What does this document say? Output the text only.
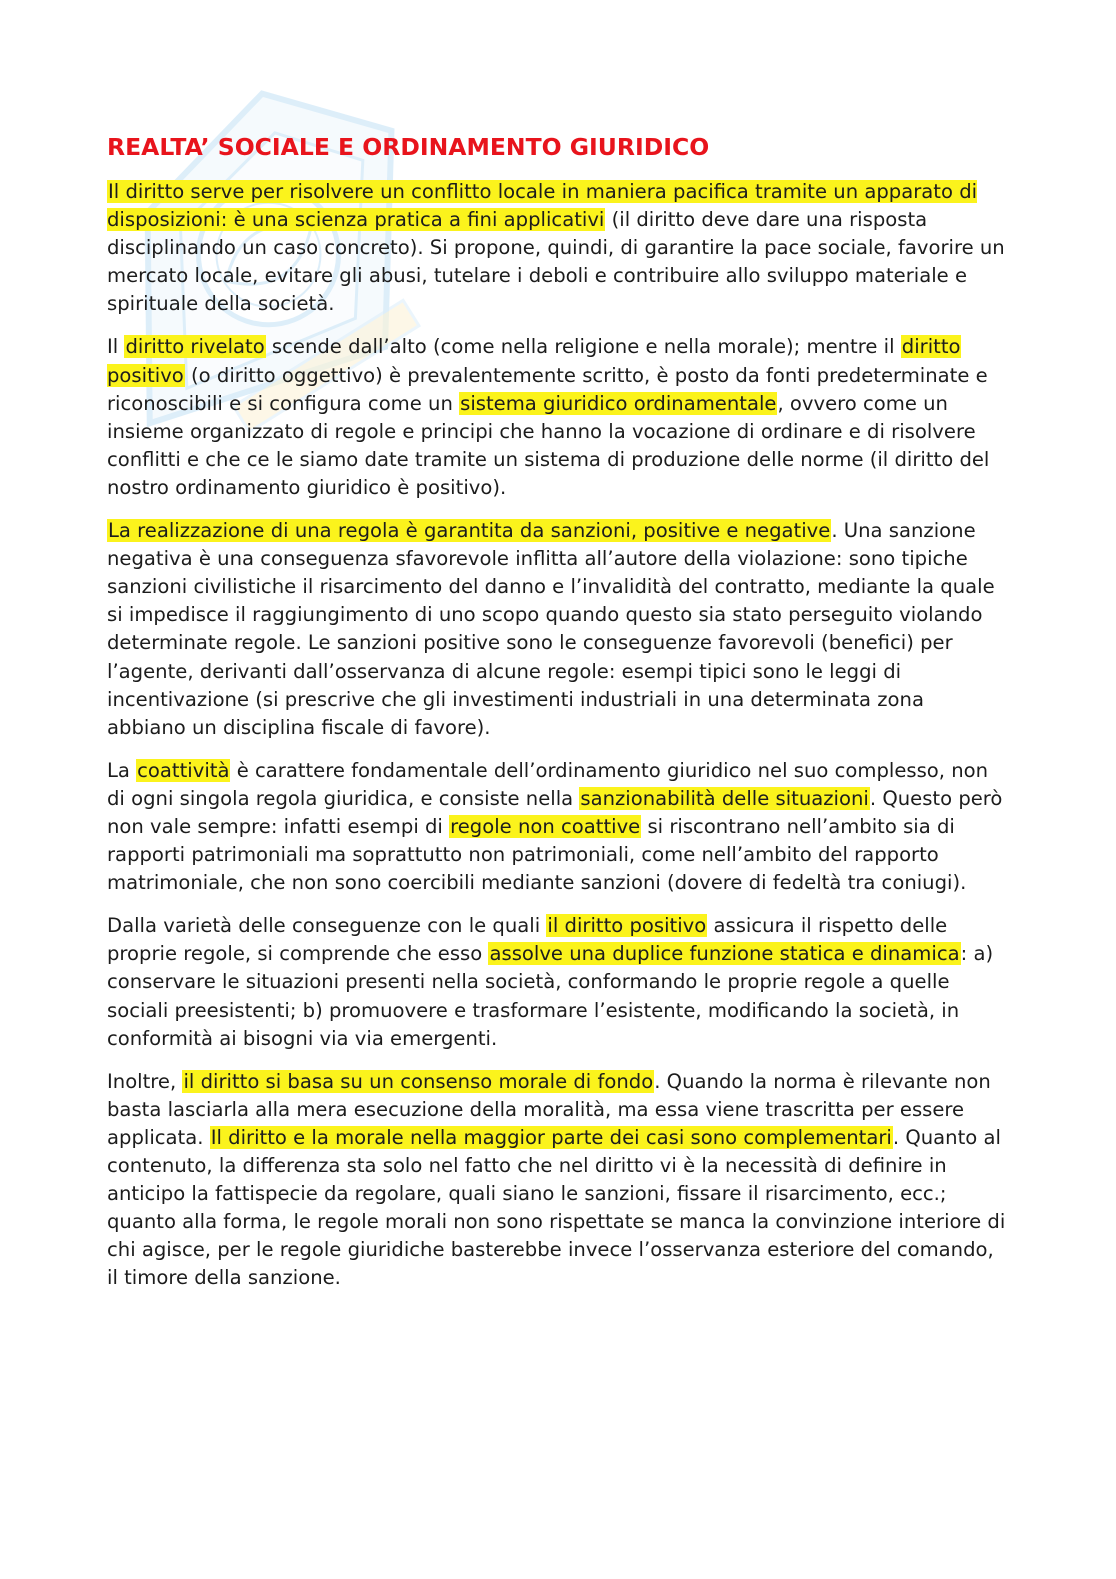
REALTA’ SOCIALE E ORDINAMENTO GIURIDICO

Il diritto serve per risolvere un conflitto locale in maniera pacifica tramite un apparato di disposizioni: è una scienza pratica a fini applicativi (il diritto deve dare una risposta disciplinando un caso concreto). Si propone, quindi, di garantire la pace sociale, favorire un mercato locale, evitare gli abusi, tutelare i deboli e contribuire allo sviluppo materiale e spirituale della società.

Il diritto rivelato scende dall’alto (come nella religione e nella morale); mentre il diritto positivo (o diritto oggettivo) è prevalentemente scritto, è posto da fonti predeterminate e riconoscibili e si configura come un sistema giuridico ordinamentale, ovvero come un insieme organizzato di regole e principi che hanno la vocazione di ordinare e di risolvere conflitti e che ce le siamo date tramite un sistema di produzione delle norme (il diritto del nostro ordinamento giuridico è positivo).

La realizzazione di una regola è garantita da sanzioni, positive e negative. Una sanzione negativa è una conseguenza sfavorevole inflitta all’autore della violazione: sono tipiche sanzioni civilistiche il risarcimento del danno e l’invalidità del contratto, mediante la quale si impedisce il raggiungimento di uno scopo quando questo sia stato perseguito violando determinate regole. Le sanzioni positive sono le conseguenze favorevoli (benefici) per l’agente, derivanti dall’osservanza di alcune regole: esempi tipici sono le leggi di incentivazione (si prescrive che gli investimenti industriali in una determinata zona abbiano un disciplina fiscale di favore).

La coattività è carattere fondamentale dell’ordinamento giuridico nel suo complesso, non di ogni singola regola giuridica, e consiste nella sanzionabilità delle situazioni. Questo però non vale sempre: infatti esempi di regole non coattive si riscontrano nell’ambito sia di rapporti patrimoniali ma soprattutto non patrimoniali, come nell’ambito del rapporto matrimoniale, che non sono coercibili mediante sanzioni (dovere di fedeltà tra coniugi).

Dalla varietà delle conseguenze con le quali il diritto positivo assicura il rispetto delle proprie regole, si comprende che esso assolve una duplice funzione statica e dinamica: a) conservare le situazioni presenti nella società, conformando le proprie regole a quelle sociali preesistenti; b) promuovere e trasformare l’esistente, modificando la società, in conformità ai bisogni via via emergenti.

Inoltre, il diritto si basa su un consenso morale di fondo. Quando la norma è rilevante non basta lasciarla alla mera esecuzione della moralità, ma essa viene trascritta per essere applicata. Il diritto e la morale nella maggior parte dei casi sono complementari. Quanto al contenuto, la differenza sta solo nel fatto che nel diritto vi è la necessità di definire in anticipo la fattispecie da regolare, quali siano le sanzioni, fissare il risarcimento, ecc.; quanto alla forma, le regole morali non sono rispettate se manca la convinzione interiore di chi agisce, per le regole giuridiche basterebbe invece l’osservanza esteriore del comando, il timore della sanzione.
